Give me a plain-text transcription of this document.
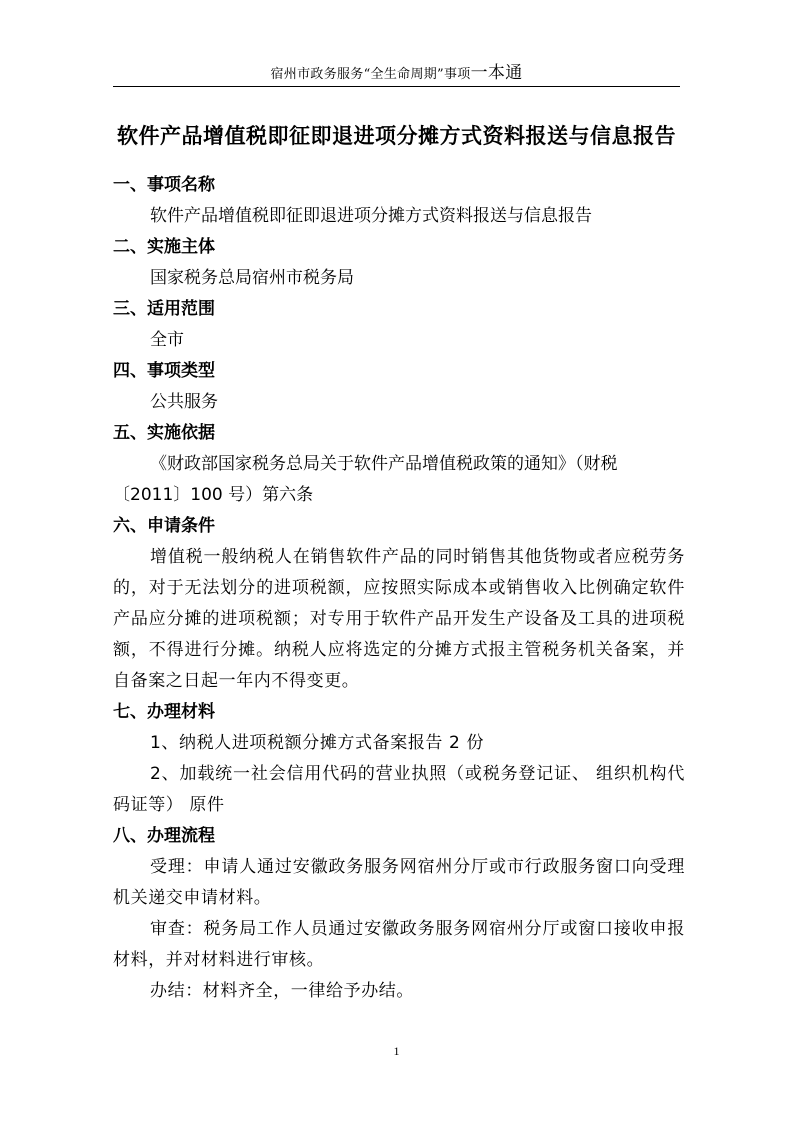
宿州市政务服务“全生命周期”事项一本通
软件产品增值税即征即退进项分摊方式资料报送与信息报告
一、事项名称
软件产品增值税即征即退进项分摊方式资料报送与信息报告
二、实施主体
国家税务总局宿州市税务局
三、适用范围
全市
四、事项类型
公共服务
五、实施依据
《财政部国家税务总局关于软件产品增值税政策的通知》（财税
〔2011〕100 号）第六条
六、申请条件
增值税一般纳税人在销售软件产品的同时销售其他货物或者应税劳务的，对于无法划分的进项税额，应按照实际成本或销售收入比例确定软件产品应分摊的进项税额；对专用于软件产品开发生产设备及工具的进项税额，不得进行分摊。纳税人应将选定的分摊方式报主管税务机关备案，并自备案之日起一年内不得变更。
七、办理材料
1、纳税人进项税额分摊方式备案报告 2 份
2、加载统一社会信用代码的营业执照（或税务登记证、 组织机构代码证等） 原件
八、办理流程
受理：申请人通过安徽政务服务网宿州分厅或市行政服务窗口向受理机关递交申请材料。
审查：税务局工作人员通过安徽政务服务网宿州分厅或窗口接收申报材料，并对材料进行审核。
办结：材料齐全，一律给予办结。
1
